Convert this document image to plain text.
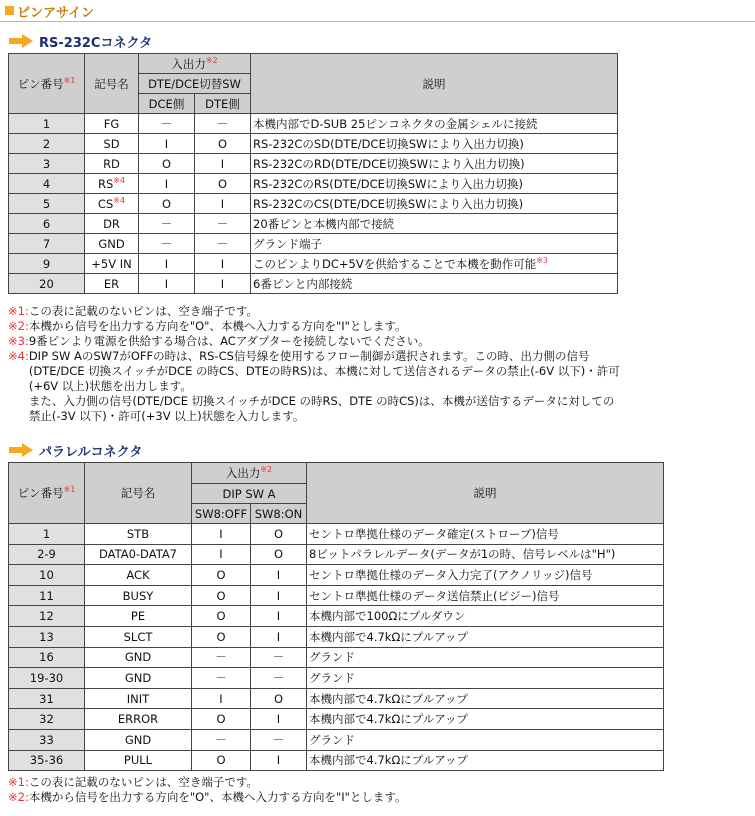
ピンアサイン
RS-232Cコネクタ
ピン番号$^{※1}$	記号名	入出力$^{※2}$		説明
		DTE/DCE切替SW		
		DCE側	DTE側	
1	FG	－	－	本機内部でD-SUB 25ピンコネクタの金属シェルに接続
2	SD	I	O	RS-232CのSD(DTE/DCE切換SWにより入出力切換)
3	RD	O	I	RS-232CのRD(DTE/DCE切換SWにより入出力切換)
4	RS$^{※4}$	I	O	RS-232CのRS(DTE/DCE切換SWにより入出力切換)
5	CS$^{※4}$	O	I	RS-232CのCS(DTE/DCE切換SWにより入出力切換)
6	DR	－	－	20番ピンと本機内部で接続
7	GND	－	－	グランド端子
9	+5V IN	I	I	このピンよりDC+5Vを供給することで本機を動作可能$^{※3}$
20	ER	I	I	6番ピンと内部接続
※1: この表に記載のないピンは、空き端子です。
※2: 本機から信号を出力する方向を"O"、本機へ入力する方向を"I"とします。
※3: 9番ピンより電源を供給する場合は、ACアダプターを接続しないでください。
※4: DIP SW AのSW7がOFFの時は、RS-CS信号線を使用するフロー制御が選択されます。この時、出力側の信号
(DTE/DCE 切換スイッチがDCE の時CS、DTEの時RS)は、本機に対して送信されるデータの禁止(-6V 以下)・許可
(+6V 以上)状態を出力します。
また、入力側の信号(DTE/DCE 切換スイッチがDCE の時RS、DTE の時CS)は、本機が送信するデータに対しての
禁止(-3V 以下)・許可(+3V 以上)状態を入力します。
パラレルコネクタ
ピン番号$^{※1}$	記号名	入出力$^{※2}$		説明
		DIP SW A		
		SW8:OFF	SW8:ON	
1	STB	I	O	セントロ準拠仕様のデータ確定(ストローブ)信号
2-9	DATA0-DATA7	I	O	8ビットパラレルデータ(データが1の時、信号レベルは"H")
10	ACK	O	I	セントロ準拠仕様のデータ入力完了(アクノリッジ)信号
11	BUSY	O	I	セントロ準拠仕様のデータ送信禁止(ビジー)信号
12	PE	O	I	本機内部で100Ωにプルダウン
13	SLCT	O	I	本機内部で4.7kΩにプルアップ
16	GND	－	－	グランド
19-30	GND	－	－	グランド
31	INIT	I	O	本機内部で4.7kΩにプルアップ
32	ERROR	O	I	本機内部で4.7kΩにプルアップ
33	GND	－	－	グランド
35-36	PULL	O	I	本機内部で4.7kΩにプルアップ
※1: この表に記載のないピンは、空き端子です。
※2: 本機から信号を出力する方向を"O"、本機へ入力する方向を"I"とします。
